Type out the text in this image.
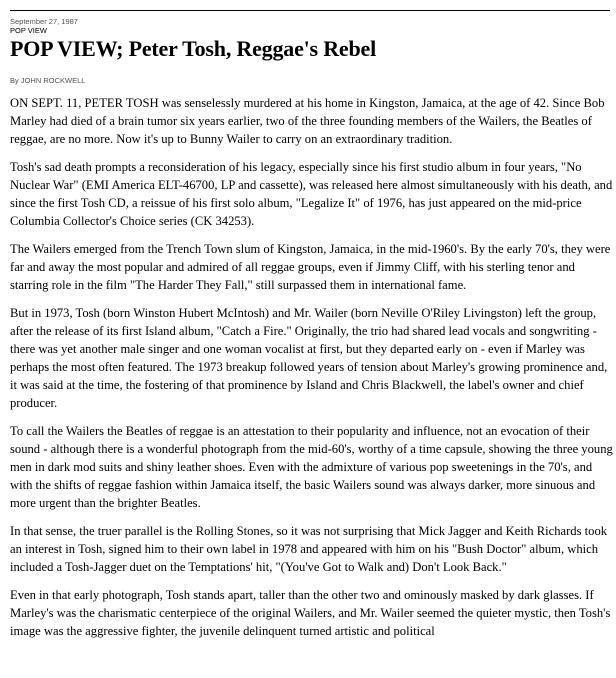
September 27, 1987
POP VIEW
POP VIEW; Peter Tosh, Reggae's Rebel
By JOHN ROCKWELL

ON SEPT. 11, PETER TOSH was senselessly murdered at his home in Kingston, Jamaica, at the age of 42. Since Bob Marley had died of a brain tumor six years earlier, two of the three founding members of the Wailers, the Beatles of reggae, are no more. Now it's up to Bunny Wailer to carry on an extraordinary tradition.

Tosh's sad death prompts a reconsideration of his legacy, especially since his first studio album in four years, "No Nuclear War" (EMI America ELT-46700, LP and cassette), was released here almost simultaneously with his death, and since the first Tosh CD, a reissue of his first solo album, "Legalize It" of 1976, has just appeared on the mid-price Columbia Collector's Choice series (CK 34253).

The Wailers emerged from the Trench Town slum of Kingston, Jamaica, in the mid-1960's. By the early 70's, they were far and away the most popular and admired of all reggae groups, even if Jimmy Cliff, with his sterling tenor and starring role in the film "The Harder They Fall," still surpassed them in international fame.

But in 1973, Tosh (born Winston Hubert McIntosh) and Mr. Wailer (born Neville O'Riley Livingston) left the group, after the release of its first Island album, "Catch a Fire." Originally, the trio had shared lead vocals and songwriting - there was yet another male singer and one woman vocalist at first, but they departed early on - even if Marley was perhaps the most often featured. The 1973 breakup followed years of tension about Marley's growing prominence and, it was said at the time, the fostering of that prominence by Island and Chris Blackwell, the label's owner and chief producer.

To call the Wailers the Beatles of reggae is an attestation to their popularity and influence, not an evocation of their sound - although there is a wonderful photograph from the mid-60's, worthy of a time capsule, showing the three young men in dark mod suits and shiny leather shoes. Even with the admixture of various pop sweetenings in the 70's, and with the shifts of reggae fashion within Jamaica itself, the basic Wailers sound was always darker, more sinuous and more urgent than the brighter Beatles.

In that sense, the truer parallel is the Rolling Stones, so it was not surprising that Mick Jagger and Keith Richards took an interest in Tosh, signed him to their own label in 1978 and appeared with him on his "Bush Doctor" album, which included a Tosh-Jagger duet on the Temptations' hit, "(You've Got to Walk and) Don't Look Back."

Even in that early photograph, Tosh stands apart, taller than the other two and ominously masked by dark glasses. If Marley's was the charismatic centerpiece of the original Wailers, and Mr. Wailer seemed the quieter mystic, then Tosh's image was the aggressive fighter, the juvenile delinquent turned artistic and political
